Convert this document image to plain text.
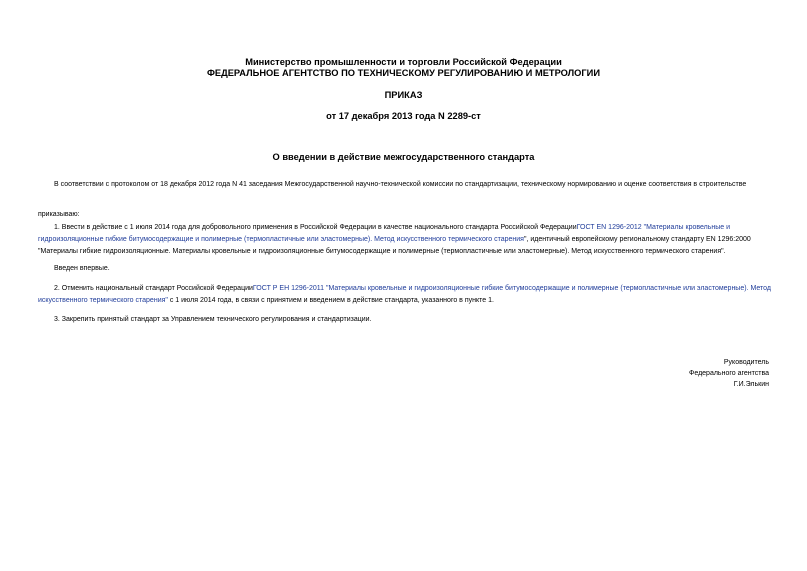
Министерство промышленности и торговли Российской Федерации
ФЕДЕРАЛЬНОЕ АГЕНТСТВО ПО ТЕХНИЧЕСКОМУ РЕГУЛИРОВАНИЮ И МЕТРОЛОГИИ
ПРИКАЗ
от 17 декабря 2013 года N 2289-ст
О введении в действие межгосударственного стандарта
В соответствии с протоколом от 18 декабря 2012 года N 41 заседания Межгосударственной научно-технической комиссии по стандартизации, техническому нормированию и оценке соответствия в строительстве
приказываю:
1. Ввести в действие с 1 июля 2014 года для добровольного применения в Российской Федерации в качестве национального стандарта Российской ФедерацииГОСТ EN 1296-2012 "Материалы кровельные и гидроизоляционные гибкие битумосодержащие и полимерные (термопластичные или эластомерные). Метод искусственного термического старения", идентичный европейскому региональному стандарту EN 1296:2000 "Материалы гибкие гидроизоляционные. Материалы кровельные и гидроизоляционные битумосодержащие и полимерные (термопластичные или эластомерные). Метод искусственного термического старения".
Введен впервые.
2. Отменить национальный стандарт Российской ФедерацииГОСТ Р ЕН 1296-2011 "Материалы кровельные и гидроизоляционные гибкие битумосодержащие и полимерные (термопластичные или эластомерные). Метод искусственного термического старения" с 1 июля 2014 года, в связи с принятием и введением в действие стандарта, указанного в пункте 1.
3. Закрепить принятый стандарт за Управлением технического регулирования и стандартизации.
Руководитель
Федерального агентства
Г.И.Элькин
